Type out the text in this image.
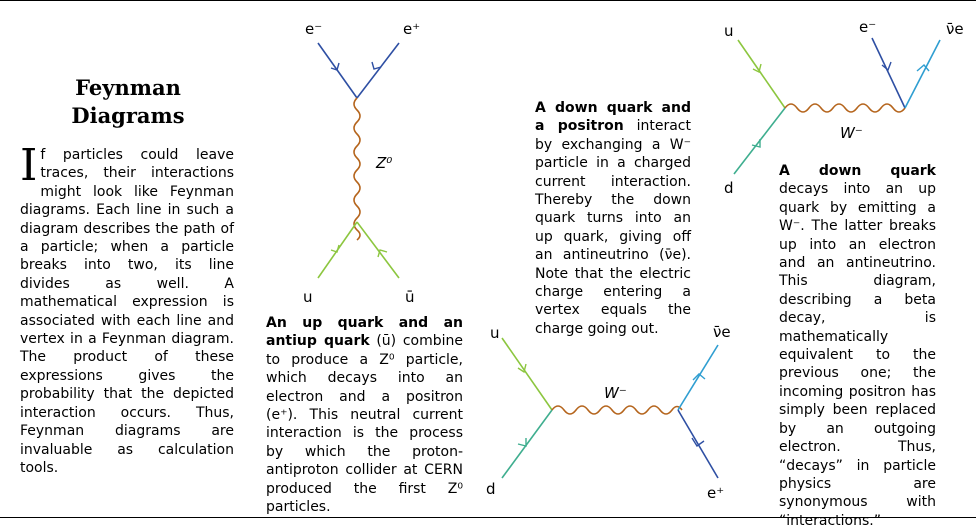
Feynman Diagrams
If particles could leave traces, their interactions might look like Feynman diagrams. Each line in such a diagram describes the path of a particle; when a particle breaks into two, its line divides as well. A mathematical expression is associated with each line and vertex in a Feynman diagram. The product of these expressions gives the probability that the depicted interaction occurs. Thus, Feynman diagrams are invaluable as calculation tools.
e⁻	e⁺
Z⁰
u	ū
u
d
ν̄e
e⁺
W⁻
u
d
e⁻	ν̄e
W⁻
An up quark and an antiup quark (ū) combine to produce a Z⁰ particle, which decays into an electron and a positron (e⁺). This neutral current interaction is the process by which the proton-antiproton collider at CERN produced the first Z⁰ particles.
A down quark and a positron interact by exchanging a W⁻ particle in a charged current interaction. Thereby the down quark turns into an up quark, giving off an antineutrino (ν̄e). Note that the electric charge entering a vertex equals the charge going out.
A down quark decays into an up quark by emitting a W⁻. The latter breaks up into an electron and an antineutrino. This diagram, describing a beta decay, is mathematically equivalent to the previous one; the incoming positron has simply been replaced by an outgoing electron. Thus, “decays” in particle physics are synonymous with “interactions.”
